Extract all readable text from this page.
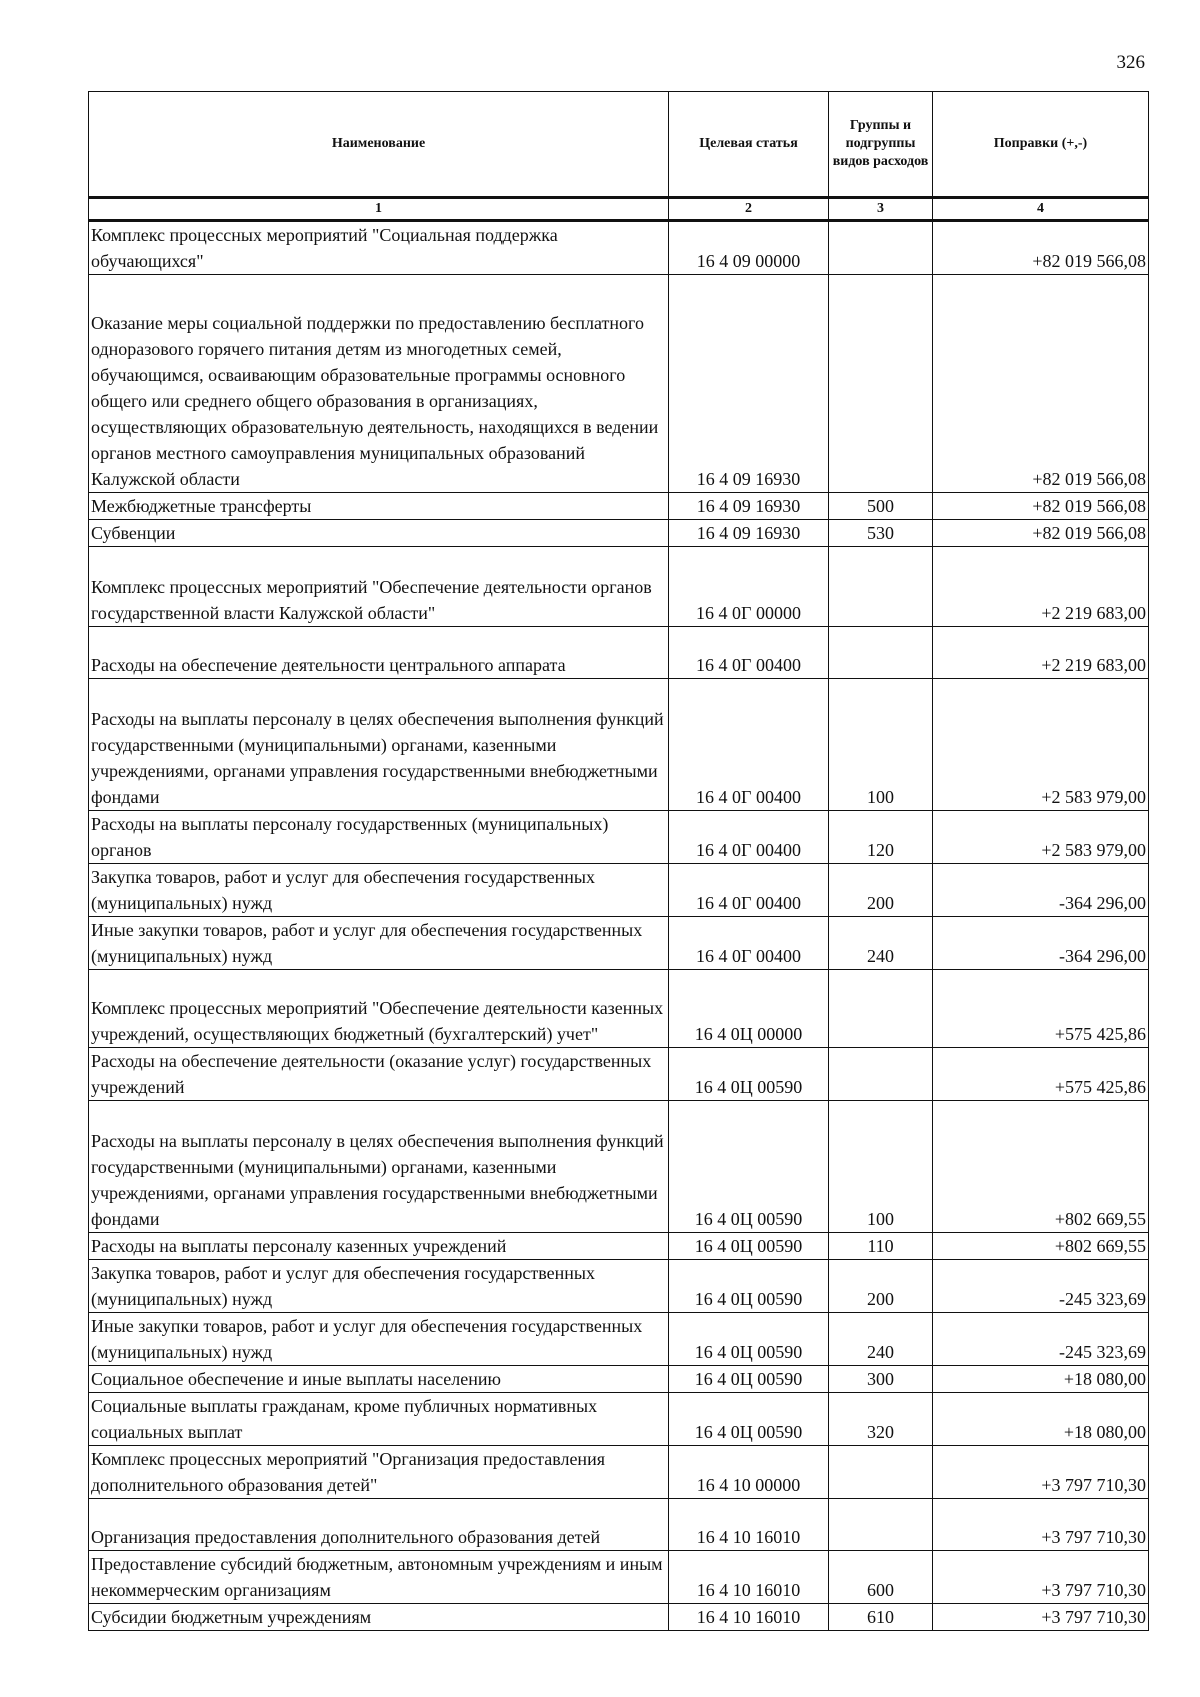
326
Наименование	Целевая статья	Группы и подгруппы видов расходов	Поправки (+,-)
1	2	3	4
Комплекс процессных мероприятий "Социальная поддержка обучающихся"	16 4 09 00000		+82 019 566,08
Оказание меры социальной поддержки по предоставлению бесплатного одноразового горячего питания детям из многодетных семей, обучающимся, осваивающим образовательные программы основного общего или среднего общего образования в организациях, осуществляющих образовательную деятельность, находящихся в ведении органов местного самоуправления муниципальных образований Калужской области	16 4 09 16930		+82 019 566,08
Межбюджетные трансферты	16 4 09 16930	500	+82 019 566,08
Субвенции	16 4 09 16930	530	+82 019 566,08
Комплекс процессных мероприятий "Обеспечение деятельности органов государственной власти Калужской области"	16 4 0Г 00000		+2 219 683,00
Расходы на обеспечение деятельности центрального аппарата	16 4 0Г 00400		+2 219 683,00
Расходы на выплаты персоналу в целях обеспечения выполнения функций государственными (муниципальными) органами, казенными учреждениями, органами управления государственными внебюджетными фондами	16 4 0Г 00400	100	+2 583 979,00
Расходы на выплаты персоналу государственных (муниципальных) органов	16 4 0Г 00400	120	+2 583 979,00
Закупка товаров, работ и услуг для обеспечения государственных (муниципальных) нужд	16 4 0Г 00400	200	-364 296,00
Иные закупки товаров, работ и услуг для обеспечения государственных (муниципальных) нужд	16 4 0Г 00400	240	-364 296,00
Комплекс процессных мероприятий "Обеспечение деятельности казенных учреждений, осуществляющих бюджетный (бухгалтерский) учет"	16 4 0Ц 00000		+575 425,86
Расходы на обеспечение деятельности (оказание услуг) государственных учреждений	16 4 0Ц 00590		+575 425,86
Расходы на выплаты персоналу в целях обеспечения выполнения функций государственными (муниципальными) органами, казенными учреждениями, органами управления государственными внебюджетными фондами	16 4 0Ц 00590	100	+802 669,55
Расходы на выплаты персоналу казенных учреждений	16 4 0Ц 00590	110	+802 669,55
Закупка товаров, работ и услуг для обеспечения государственных (муниципальных) нужд	16 4 0Ц 00590	200	-245 323,69
Иные закупки товаров, работ и услуг для обеспечения государственных (муниципальных) нужд	16 4 0Ц 00590	240	-245 323,69
Социальное обеспечение и иные выплаты населению	16 4 0Ц 00590	300	+18 080,00
Социальные выплаты гражданам, кроме публичных нормативных социальных выплат	16 4 0Ц 00590	320	+18 080,00
Комплекс процессных мероприятий "Организация предоставления дополнительного образования детей"	16 4 10 00000		+3 797 710,30
Организация предоставления дополнительного образования детей	16 4 10 16010		+3 797 710,30
Предоставление субсидий бюджетным, автономным учреждениям и иным некоммерческим организациям	16 4 10 16010	600	+3 797 710,30
Субсидии бюджетным учреждениям	16 4 10 16010	610	+3 797 710,30
